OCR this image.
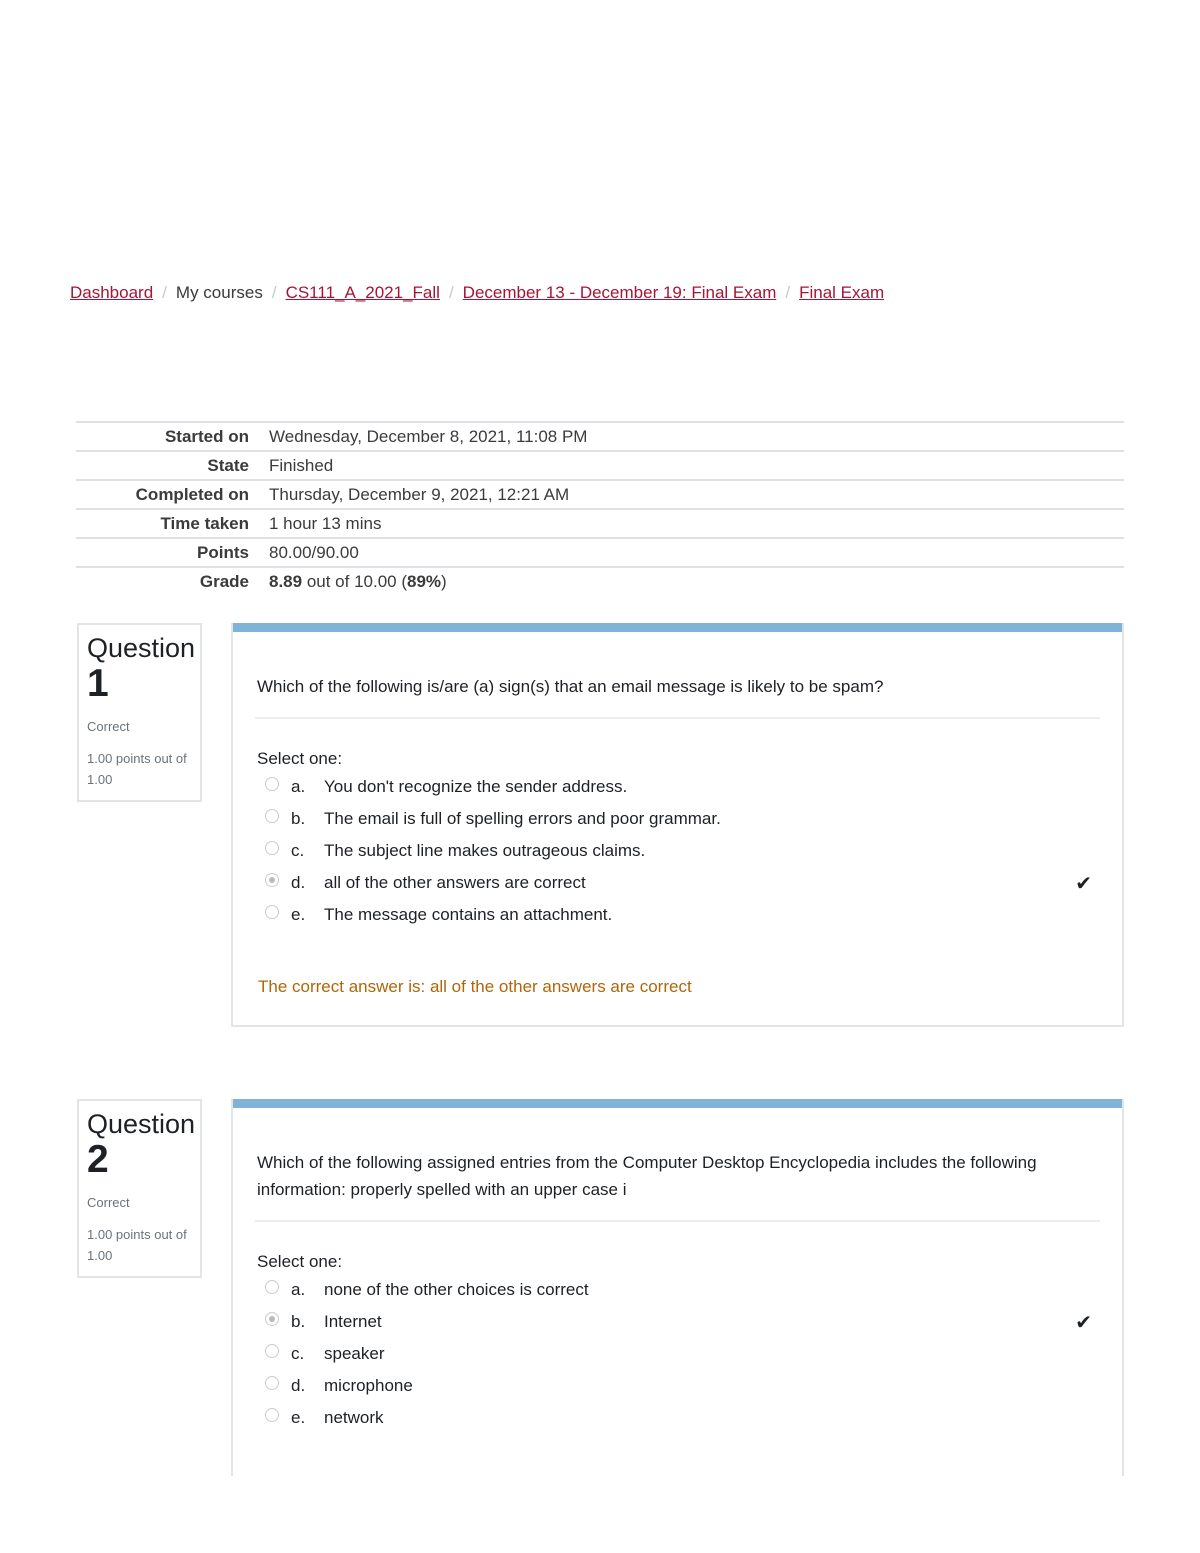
Dashboard / My courses / CS111_A_2021_Fall / December 13 - December 19: Final Exam / Final Exam
Started on	Wednesday, December 8, 2021, 11:08 PM
State	Finished
Completed on	Thursday, December 9, 2021, 12:21 AM
Time taken	1 hour 13 mins
Points	80.00/90.00
Grade	8.89 out of 10.00 (89%)
Question
1
Correct
1.00 points out of 1.00
Which of the following is/are (a) sign(s) that an email message is likely to be spam?
Select one:
a.	You don't recognize the sender address.
b.	The email is full of spelling errors and poor grammar.
c.	The subject line makes outrageous claims.
d.	all of the other answers are correct	✔
e.	The message contains an attachment.
The correct answer is: all of the other answers are correct
Question
2
Correct
1.00 points out of 1.00
Which of the following assigned entries from the Computer Desktop Encyclopedia includes the following information: properly spelled with an upper case i
Select one:
a.	none of the other choices is correct
b.	Internet	✔
c.	speaker
d.	microphone
e.	network
